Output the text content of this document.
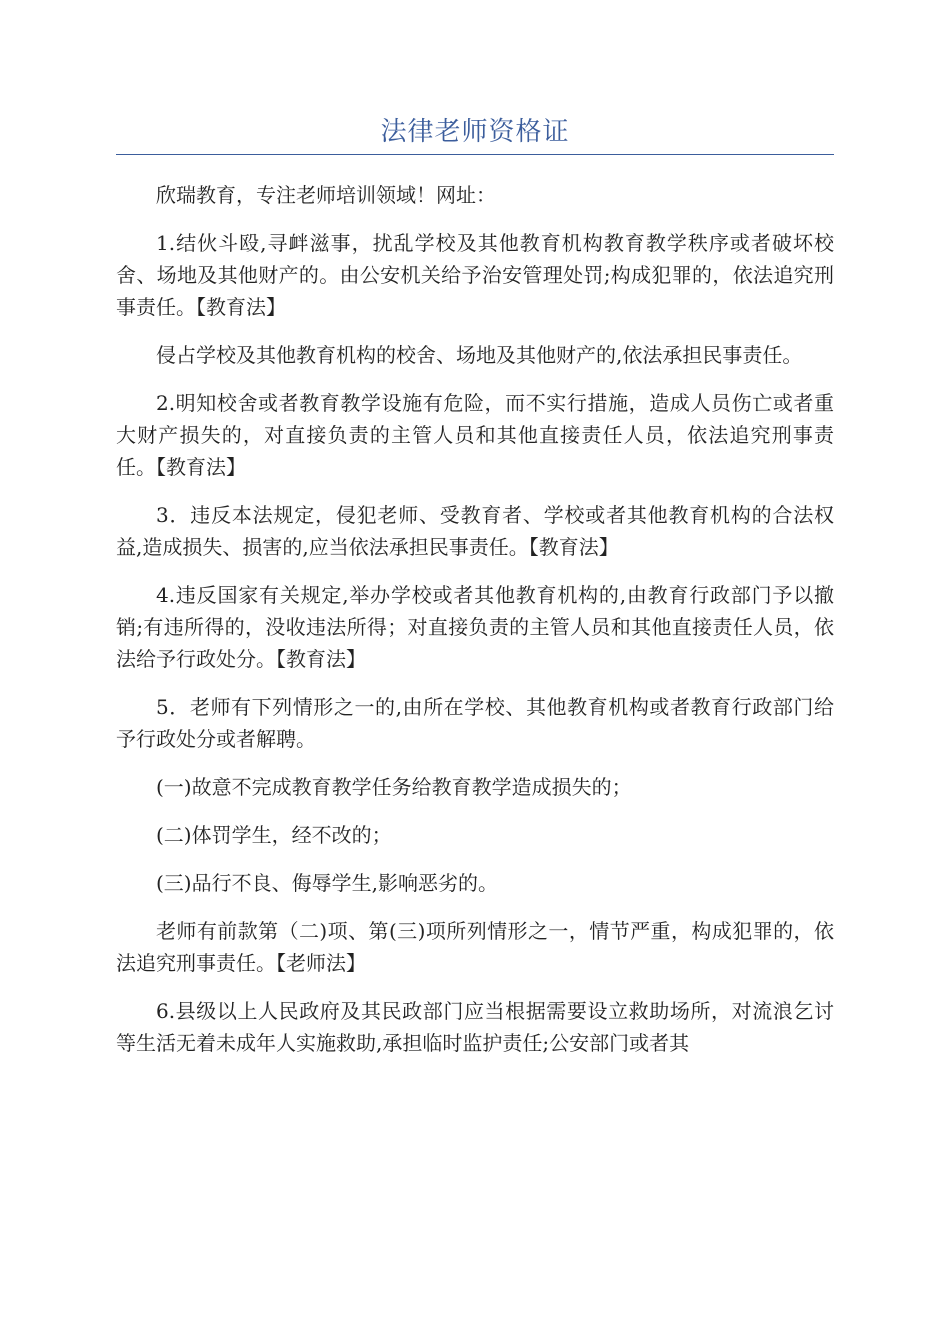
法律老师资格证

欣瑞教育，专注老师培训领域！网址：

1.结伙斗殴,寻衅滋事，扰乱学校及其他教育机构教育教学秩序或者破坏校舍、场地及其他财产的。由公安机关给予治安管理处罚;构成犯罪的，依法追究刑事责任。【教育法】

侵占学校及其他教育机构的校舍、场地及其他财产的,依法承担民事责任。

2.明知校舍或者教育教学设施有危险，而不实行措施，造成人员伤亡或者重大财产损失的，对直接负责的主管人员和其他直接责任人员，依法追究刑事责任。【教育法】

3．违反本法规定，侵犯老师、受教育者、学校或者其他教育机构的合法权益,造成损失、损害的,应当依法承担民事责任。【教育法】

4.违反国家有关规定,举办学校或者其他教育机构的,由教育行政部门予以撤销;有违所得的，没收违法所得；对直接负责的主管人员和其他直接责任人员，依法给予行政处分。【教育法】

5．老师有下列情形之一的,由所在学校、其他教育机构或者教育行政部门给予行政处分或者解聘。

(一)故意不完成教育教学任务给教育教学造成损失的；

(二)体罚学生，经不改的；

(三)品行不良、侮辱学生,影响恶劣的。

老师有前款第（二)项、第(三)项所列情形之一，情节严重，构成犯罪的，依法追究刑事责任。【老师法】

6.县级以上人民政府及其民政部门应当根据需要设立救助场所，对流浪乞讨等生活无着未成年人实施救助,承担临时监护责任;公安部门或者其
